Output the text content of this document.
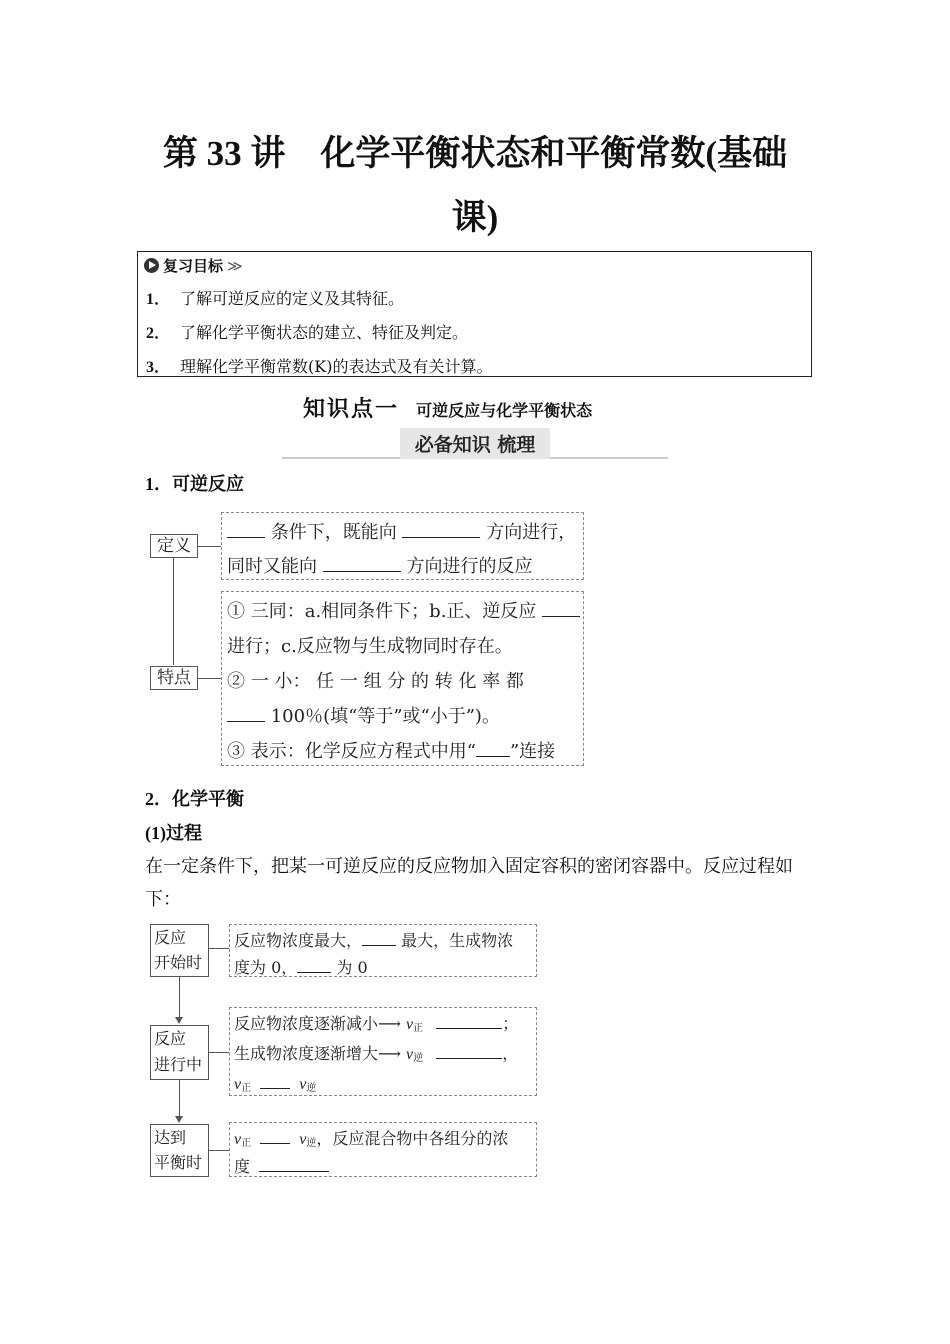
第 33 讲　化学平衡状态和平衡常数(基础
课)
复习目标 ≫
1． 了解可逆反应的定义及其特征。
2． 了解化学平衡状态的建立、特征及判定。
3． 理解化学平衡常数(K)的表达式及有关计算。
知识点一 可逆反应与化学平衡状态
必备知识 梳理
1．可逆反应
定义
特点
条件下，既能向	方向进行，
同时又能向	方向进行的反应
① 三同：a.相同条件下；b.正、逆反应
进行；c.反应物与生成物同时存在。
② 一 小： 任 一 组 分 的 转 化 率 都
100％(填“等于”或“小于”)。
③ 表示：化学反应方程式中用“ ”连接
2．化学平衡
(1)过程
在一定条件下，把某一可逆反应的反应物加入固定容积的密闭容器中。反应过程如下：
反应
开始时
反应物浓度最大， 最大，生成物浓
度为 0， 为 0
反应
进行中
反应物浓度逐渐减小⟶ $v_正$	；
生成物浓度逐渐增大⟶ $v_逆$	，
$v_正$	$v_逆$
达到
平衡时
$v_正$	$v_逆$，反应混合物中各组分的浓
度
